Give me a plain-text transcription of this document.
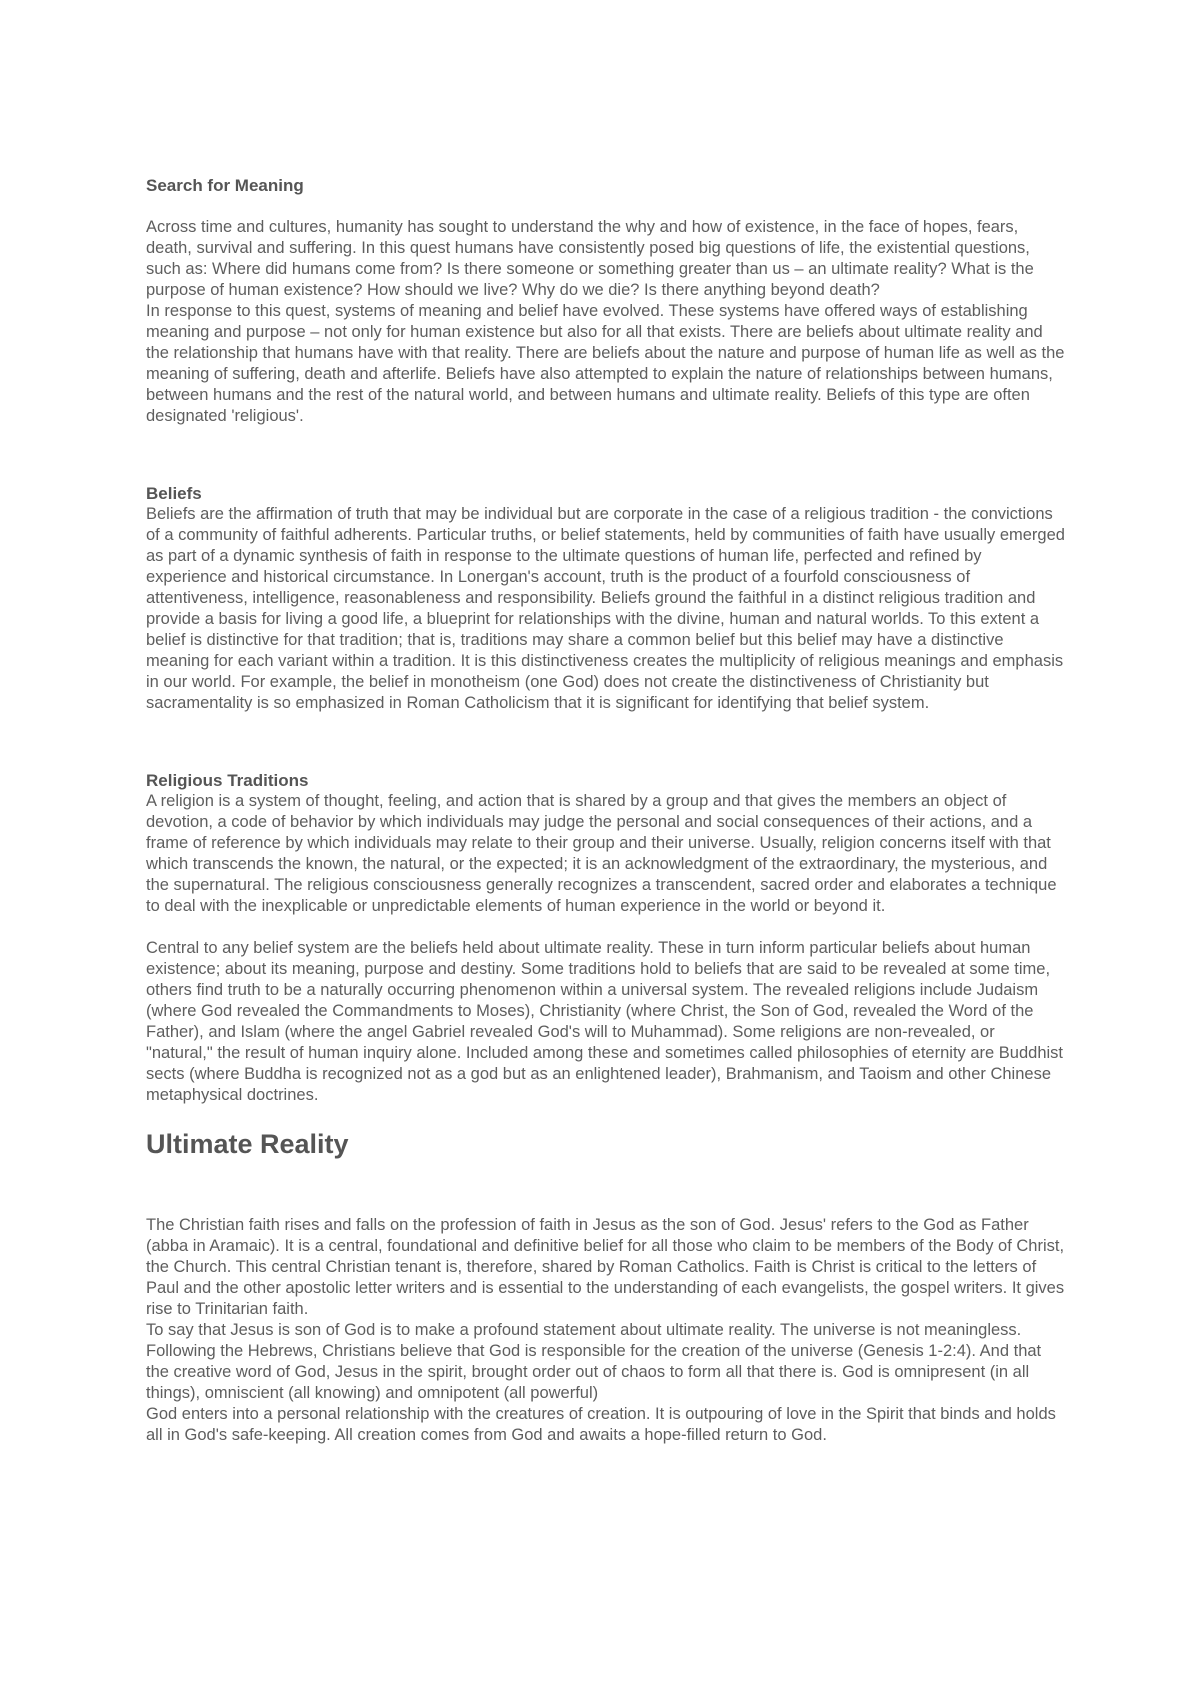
Search for Meaning

Across time and cultures, humanity has sought to understand the why and how of existence, in the face of hopes, fears, death, survival and suffering. In this quest humans have consistently posed big questions of life, the existential questions, such as: Where did humans come from? Is there someone or something greater than us – an ultimate reality? What is the purpose of human existence? How should we live? Why do we die? Is there anything beyond death?

In response to this quest, systems of meaning and belief have evolved. These systems have offered ways of establishing meaning and purpose – not only for human existence but also for all that exists. There are beliefs about ultimate reality and the relationship that humans have with that reality. There are beliefs about the nature and purpose of human life as well as the meaning of suffering, death and afterlife. Beliefs have also attempted to explain the nature of relationships between humans, between humans and the rest of the natural world, and between humans and ultimate reality. Beliefs of this type are often designated 'religious'.

Beliefs

Beliefs are the affirmation of truth that may be individual but are corporate in the case of a religious tradition - the convictions of a community of faithful adherents. Particular truths, or belief statements, held by communities of faith have usually emerged as part of a dynamic synthesis of faith in response to the ultimate questions of human life, perfected and refined by experience and historical circumstance. In Lonergan's account, truth is the product of a fourfold consciousness of attentiveness, intelligence, reasonableness and responsibility. Beliefs ground the faithful in a distinct religious tradition and provide a basis for living a good life, a blueprint for relationships with the divine, human and natural worlds. To this extent a belief is distinctive for that tradition; that is, traditions may share a common belief but this belief may have a distinctive meaning for each variant within a tradition. It is this distinctiveness creates the multiplicity of religious meanings and emphasis in our world. For example, the belief in monotheism (one God) does not create the distinctiveness of Christianity but sacramentality is so emphasized in Roman Catholicism that it is significant for identifying that belief system.

Religious Traditions

A religion is a system of thought, feeling, and action that is shared by a group and that gives the members an object of devotion, a code of behavior by which individuals may judge the personal and social consequences of their actions, and a frame of reference by which individuals may relate to their group and their universe. Usually, religion concerns itself with that which transcends the known, the natural, or the expected; it is an acknowledgment of the extraordinary, the mysterious, and the supernatural. The religious consciousness generally recognizes a transcendent, sacred order and elaborates a technique to deal with the inexplicable or unpredictable elements of human experience in the world or beyond it.

Central to any belief system are the beliefs held about ultimate reality. These in turn inform particular beliefs about human existence; about its meaning, purpose and destiny. Some traditions hold to beliefs that are said to be revealed at some time, others find truth to be a naturally occurring phenomenon within a universal system. The revealed religions include Judaism (where God revealed the Commandments to Moses), Christianity (where Christ, the Son of God, revealed the Word of the Father), and Islam (where the angel Gabriel revealed God's will to Muhammad). Some religions are non-revealed, or "natural," the result of human inquiry alone. Included among these and sometimes called philosophies of eternity are Buddhist sects (where Buddha is recognized not as a god but as an enlightened leader), Brahmanism, and Taoism and other Chinese metaphysical doctrines.

Ultimate Reality

The Christian faith rises and falls on the profession of faith in Jesus as the son of God. Jesus' refers to the God as Father (abba in Aramaic). It is a central, foundational and definitive belief for all those who claim to be members of the Body of Christ, the Church. This central Christian tenant is, therefore, shared by Roman Catholics. Faith is Christ is critical to the letters of Paul and the other apostolic letter writers and is essential to the understanding of each evangelists, the gospel writers. It gives rise to Trinitarian faith.

To say that Jesus is son of God is to make a profound statement about ultimate reality. The universe is not meaningless. Following the Hebrews, Christians believe that God is responsible for the creation of the universe (Genesis 1-2:4). And that the creative word of God, Jesus in the spirit, brought order out of chaos to form all that there is. God is omnipresent (in all things), omniscient (all knowing) and omnipotent (all powerful)

God enters into a personal relationship with the creatures of creation. It is outpouring of love in the Spirit that binds and holds all in God's safe-keeping. All creation comes from God and awaits a hope-filled return to God.
